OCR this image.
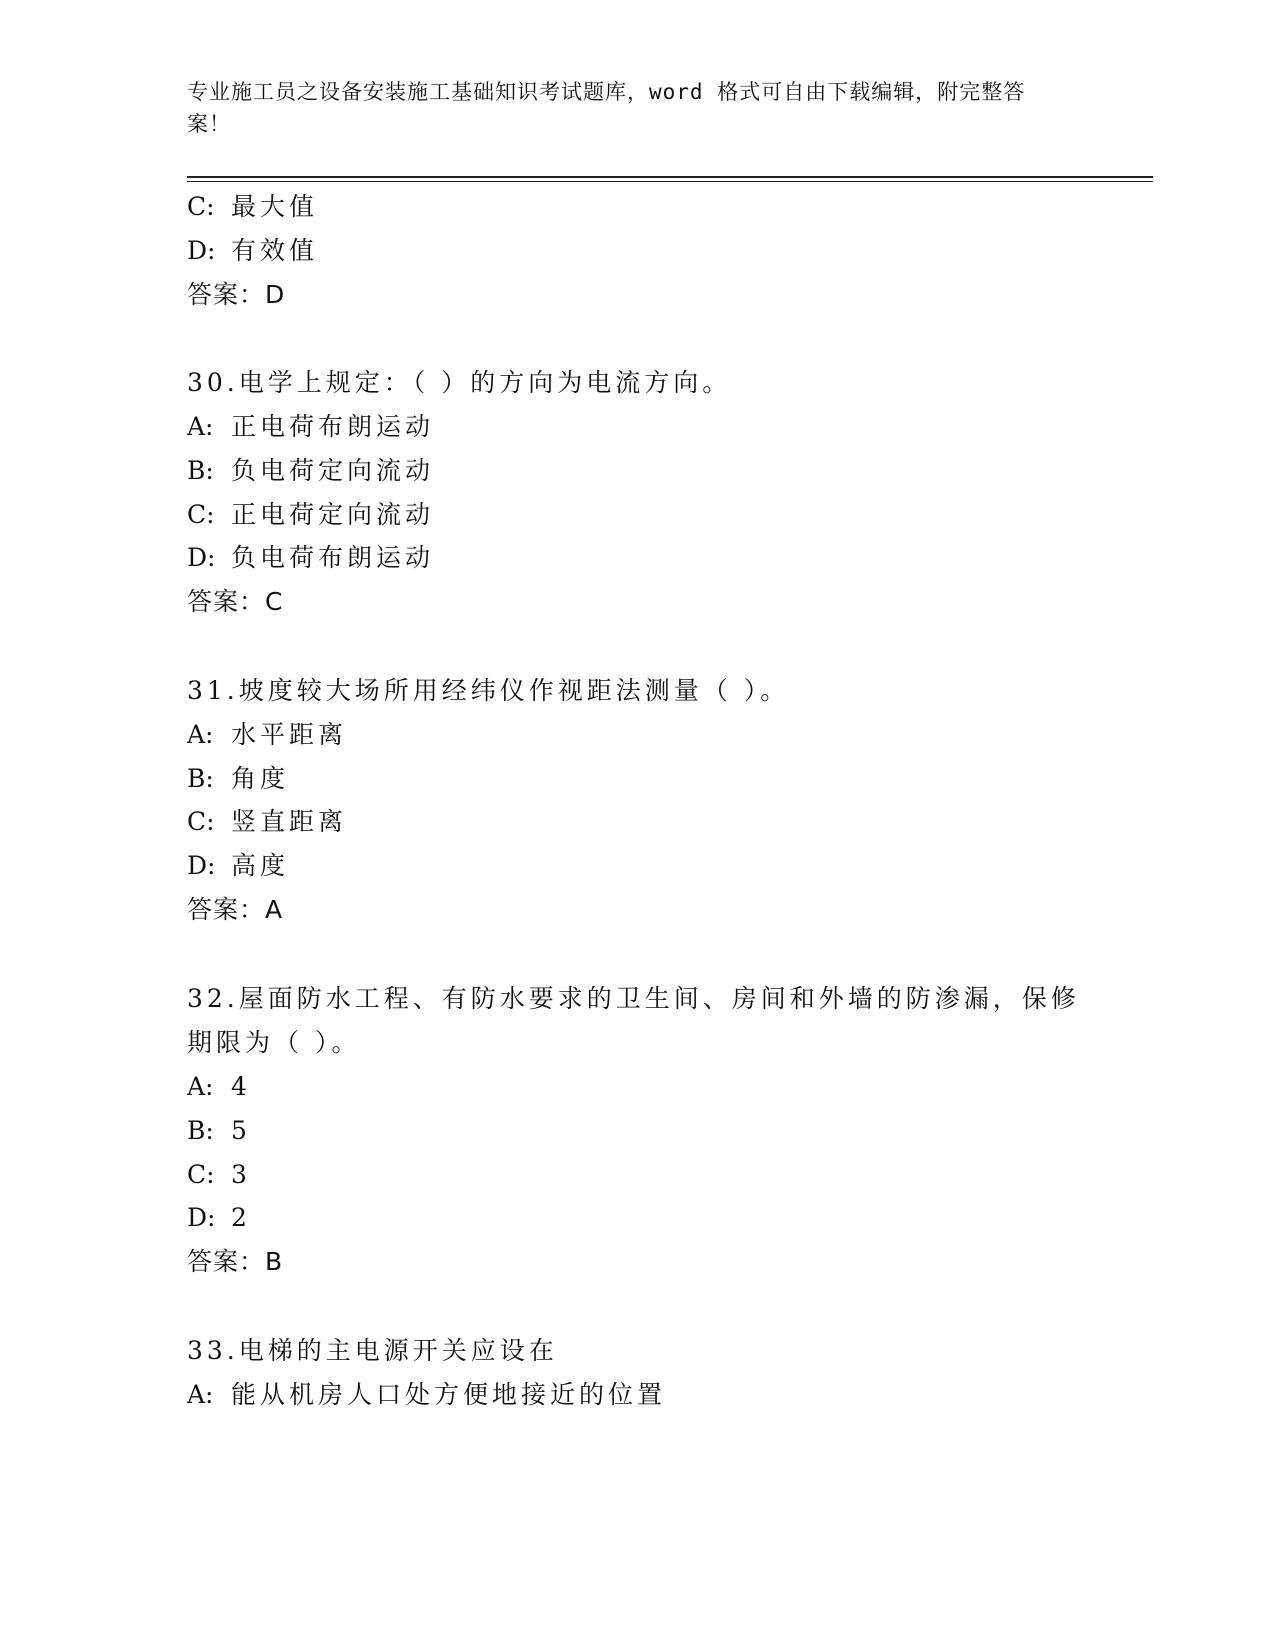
专业施工员之设备安装施工基础知识考试题库，word 格式可自由下载编辑，附完整答案！
C: 最大值
D: 有效值
答案：D
30.电学上规定：（ ）的方向为电流方向。
A: 正电荷布朗运动
B: 负电荷定向流动
C: 正电荷定向流动
D: 负电荷布朗运动
答案：C
31.坡度较大场所用经纬仪作视距法测量（ ）。
A: 水平距离
B: 角度
C: 竖直距离
D: 高度
答案：A
32.屋面防水工程、有防水要求的卫生间、房间和外墙的防渗漏，保修
期限为（ ）。
A: 4
B: 5
C: 3
D: 2
答案：B
33.电梯的主电源开关应设在
A: 能从机房人口处方便地接近的位置
